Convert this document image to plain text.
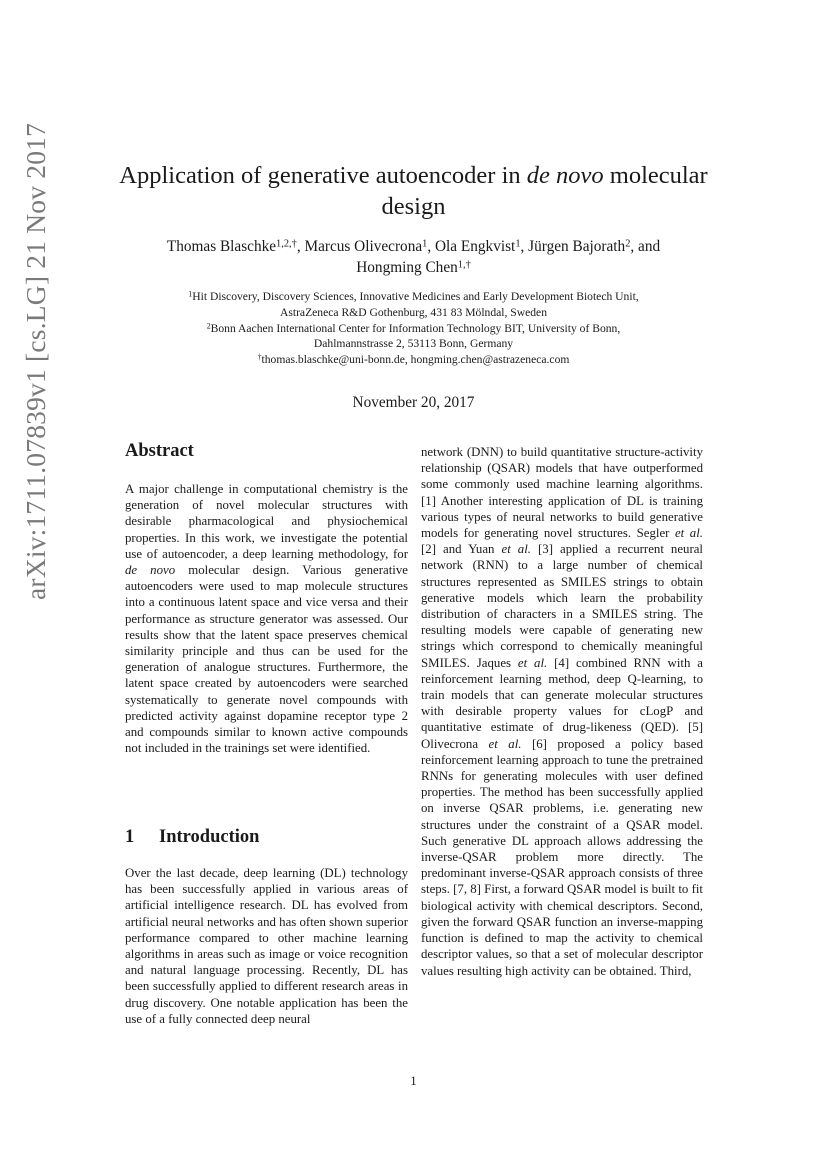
arXiv:1711.07839v1 [cs.LG] 21 Nov 2017	Application of generative autoencoder in de novo molecular design
Thomas Blaschke$^{1,2,\dagger}$, Marcus Olivecrona$^1$, Ola Engkvist$^1$, Jürgen Bajorath$^2$, and
Hongming Chen$^{1,\dagger}$
$^1$Hit Discovery, Discovery Sciences, Innovative Medicines and Early Development Biotech Unit,
AstraZeneca R&D Gothenburg, 431 83 Mölndal, Sweden
$^2$Bonn Aachen International Center for Information Technology BIT, University of Bonn,
Dahlmannstrasse 2, 53113 Bonn, Germany
†thomas.blaschke@uni-bonn.de, hongming.chen@astrazeneca.com
November 20, 2017
Abstract
A major challenge in computational chemistry is the generation of novel molecular structures with desirable pharmacological and physiochemical properties. In this work, we investigate the potential use of autoencoder, a deep learning methodology, for de novo molecular design. Various generative autoencoders were used to map molecule structures into a continuous latent space and vice versa and their performance as structure generator was assessed. Our results show that the latent space preserves chemical similarity principle and thus can be used for the generation of analogue structures. Furthermore, the latent space created by autoencoders were searched systematically to generate novel compounds with predicted activity against dopamine receptor type 2 and compounds similar to known active compounds not included in the trainings set were identified.
1 Introduction
Over the last decade, deep learning (DL) technology has been successfully applied in various areas of artificial intelligence research. DL has evolved from artificial neural networks and has often shown superior performance compared to other machine learning algorithms in areas such as image or voice recognition and natural language processing. Recently, DL has been successfully applied to different research areas in drug discovery. One notable application has been the use of a fully connected deep neural
network (DNN) to build quantitative structure-activity relationship (QSAR) models that have outperformed some commonly used machine learning algorithms. [1] Another interesting application of DL is training various types of neural networks to build generative models for generating novel structures. Segler et al. [2] and Yuan et al. [3] applied a recurrent neural network (RNN) to a large number of chemical structures represented as SMILES strings to obtain generative models which learn the probability distribution of characters in a SMILES string. The resulting models were capable of generating new strings which correspond to chemically meaningful SMILES. Jaques et al. [4] combined RNN with a reinforcement learning method, deep Q-learning, to train models that can generate molecular structures with desirable property values for cLogP and quantitative estimate of drug-likeness (QED). [5] Olivecrona et al. [6] proposed a policy based reinforcement learning approach to tune the pretrained RNNs for generating molecules with user defined properties. The method has been successfully applied on inverse QSAR problems, i.e. generating new structures under the constraint of a QSAR model. Such generative DL approach allows addressing the inverse-QSAR problem more directly. The predominant inverse-QSAR approach consists of three steps. [7, 8] First, a forward QSAR model is built to fit biological activity with chemical descriptors. Second, given the forward QSAR function an inverse-mapping function is defined to map the activity to chemical descriptor values, so that a set of molecular descriptor values resulting high activity can be obtained. Third,
1
